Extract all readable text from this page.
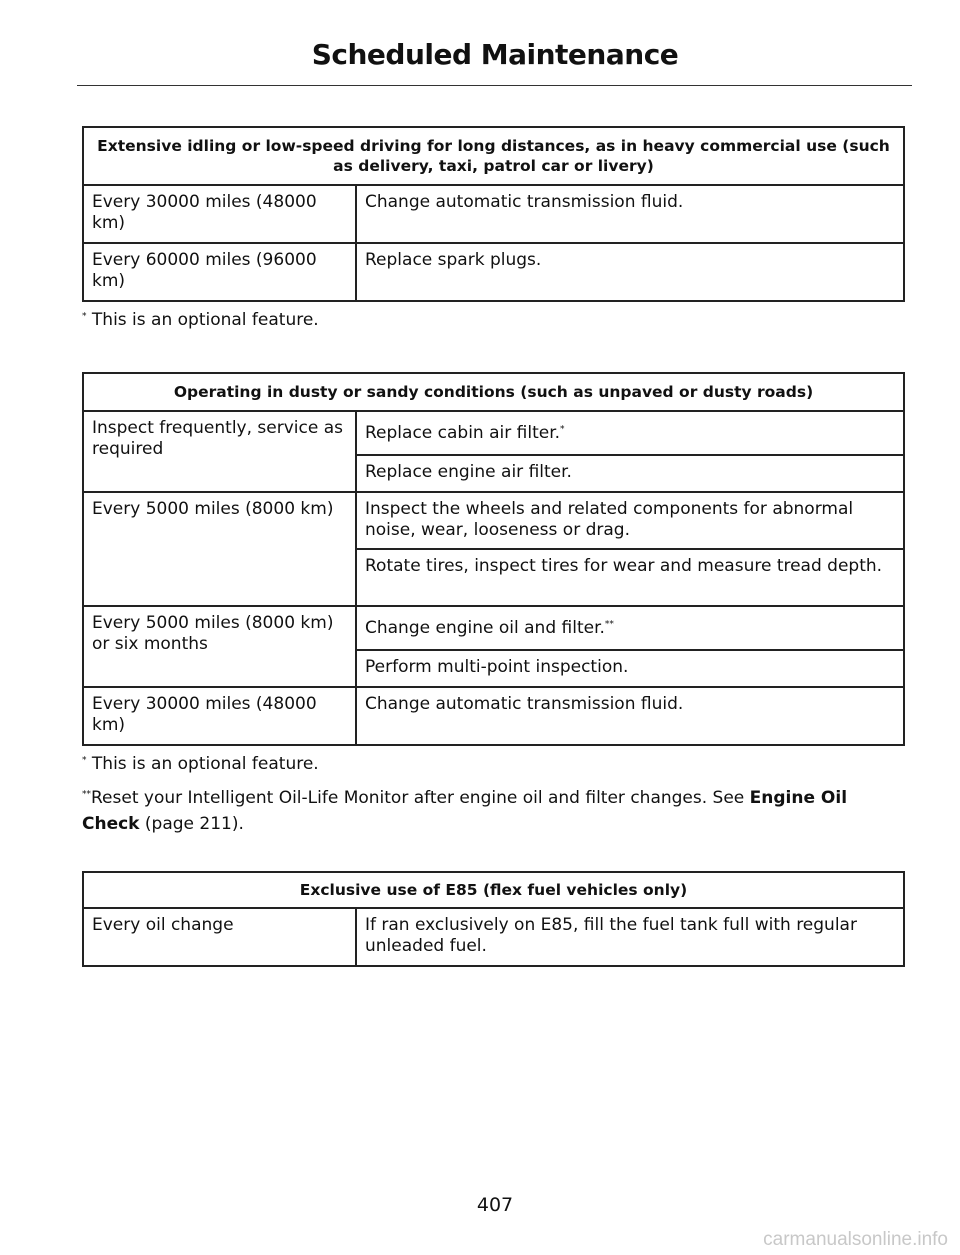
Scheduled Maintenance
Extensive idling or low-speed driving for long distances, as in heavy commercial use (such as delivery, taxi, patrol car or livery)	
Every 30000 miles (48000 km)	Change automatic transmission fluid.
Every 60000 miles (96000 km)	Replace spark plugs.

* This is an optional feature.

Operating in dusty or sandy conditions (such as unpaved or dusty roads)	
Inspect frequently, service as required	Replace cabin air filter.*
	Replace engine air filter.
Every 5000 miles (8000 km)	Inspect the wheels and related components for abnormal noise, wear, looseness or drag.
	Rotate tires, inspect tires for wear and measure tread depth.
Every 5000 miles (8000 km) or six months	Change engine oil and filter.**
	Perform multi-point inspection.
Every 30000 miles (48000 km)	Change automatic transmission fluid.

* This is an optional feature.

**Reset your Intelligent Oil-Life Monitor after engine oil and filter changes. See Engine Oil Check (page 211).

Exclusive use of E85 (flex fuel vehicles only)
Every oil change	If ran exclusively on E85, fill the fuel tank full with regular unleaded fuel.
407
carmanualsonline.info
